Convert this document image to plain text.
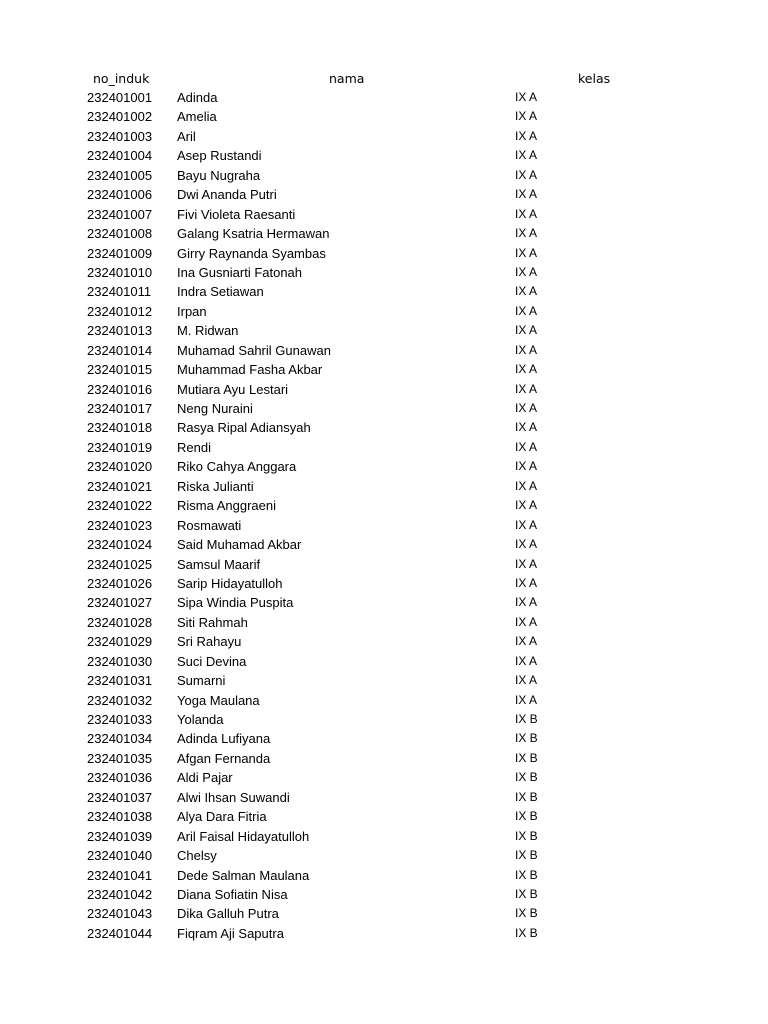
no_induk	nama	kelas
232401001 Adinda	IX A
232401002 Amelia	IX A
232401003 Aril	IX A
232401004 Asep Rustandi	IX A
232401005 Bayu Nugraha	IX A
232401006 Dwi Ananda Putri	IX A
232401007 Fivi Violeta Raesanti	IX A
232401008 Galang Ksatria Hermawan	IX A
232401009 Girry Raynanda Syambas	IX A
232401010 Ina Gusniarti Fatonah	IX A
232401011 Indra Setiawan	IX A
232401012 Irpan	IX A
232401013 M. Ridwan	IX A
232401014 Muhamad Sahril Gunawan	IX A
232401015 Muhammad Fasha Akbar	IX A
232401016 Mutiara Ayu Lestari	IX A
232401017 Neng Nuraini	IX A
232401018 Rasya Ripal Adiansyah	IX A
232401019 Rendi	IX A
232401020 Riko Cahya Anggara	IX A
232401021 Riska Julianti	IX A
232401022 Risma Anggraeni	IX A
232401023 Rosmawati	IX A
232401024 Said Muhamad Akbar	IX A
232401025 Samsul Maarif	IX A
232401026 Sarip Hidayatulloh	IX A
232401027 Sipa Windia Puspita	IX A
232401028 Siti Rahmah	IX A
232401029 Sri Rahayu	IX A
232401030 Suci Devina	IX A
232401031 Sumarni	IX A
232401032 Yoga Maulana	IX A
232401033 Yolanda	IX B
232401034 Adinda Lufiyana	IX B
232401035 Afgan Fernanda	IX B
232401036 Aldi Pajar	IX B
232401037 Alwi Ihsan Suwandi	IX B
232401038 Alya Dara Fitria	IX B
232401039 Aril Faisal Hidayatulloh	IX B
232401040 Chelsy	IX B
232401041 Dede Salman Maulana	IX B
232401042 Diana Sofiatin Nisa	IX B
232401043 Dika Galluh Putra	IX B
232401044 Fiqram Aji Saputra	IX B
